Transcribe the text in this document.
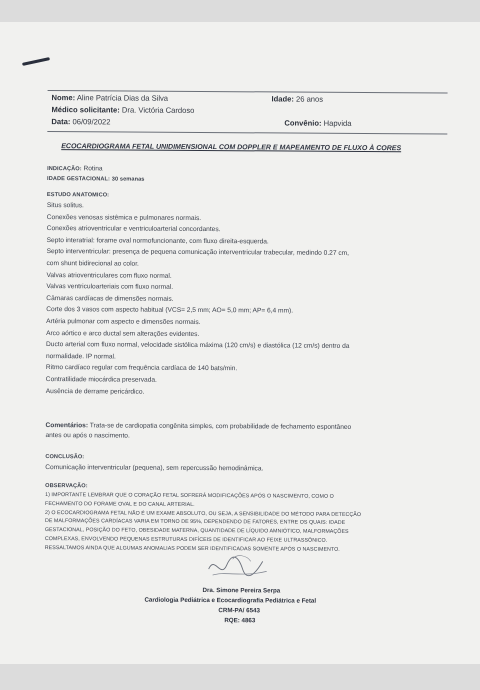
Nome: Aline Patrícia Dias da Silva	Idade: 26 anos
Médico solicitante: Dra. Victória Cardoso
Data: 06/09/2022	Convênio: Hapvida
ECOCARDIOGRAMA FETAL UNIDIMENSIONAL COM DOPPLER E MAPEAMENTO DE FLUXO À CORES
INDICAÇÃO: Rotina
IDADE GESTACIONAL: 30 semanas
ESTUDO ANATOMICO:
Situs solitus.
Conexões venosas sistêmica e pulmonares normais.
Conexões atrioventricular e ventriculoarterial concordantes.
Septo interatrial: forame oval normofuncionante, com fluxo direita-esquerda.
Septo interventricular: presença de pequena comunicação interventricular trabecular, medindo 0.27 cm,
com shunt bidirecional ao color.
Valvas atrioventriculares com fluxo normal.
Valvas ventriculoarteriais com fluxo normal.
Câmaras cardíacas de dimensões normais.
Corte dos 3 vasos com aspecto habitual (VCS= 2,5 mm; AO= 5,0 mm; AP= 6,4 mm).
Artéria pulmonar com aspecto e dimensões normais.
Arco aórtico e arco ductal sem alterações evidentes.
Ducto arterial com fluxo normal, velocidade sistólica máxima (120 cm/s) e diastólica (12 cm/s) dentro da
normalidade. IP normal.
Ritmo cardíaco regular com frequência cardíaca de 140 bats/min.
Contratilidade miocárdica preservada.
Ausência de derrame pericárdico.
Comentários: Trata-se de cardiopatia congênita simples, com probabilidade de fechamento espontâneo
antes ou após o nascimento.
CONCLUSÃO:
Comunicação interventricular (pequena), sem repercussão hemodinâmica.
OBSERVAÇÃO:
1) IMPORTANTE LEMBRAR QUE O CORAÇÃO FETAL SOFRERÁ MODIFICAÇÕES APÓS O NASCIMENTO, COMO O
FECHAMENTO DO FORAME OVAL E DO CANAL ARTERIAL.
2) O ECOCARDIOGRAMA FETAL NÃO É UM EXAME ABSOLUTO, OU SEJA, A SENSIBILIDADE DO MÉTODO PARA DETECÇÃO
DE MALFORMAÇÕES CARDÍACAS VARIA EM TORNO DE 95%, DEPENDENDO DE FATORES, ENTRE OS QUAIS: IDADE
GESTACIONAL, POSIÇÃO DO FETO, OBESIDADE MATERNA, QUANTIDADE DE LÍQUIDO AMNIÓTICO, MALFORMAÇÕES
COMPLEXAS, ENVOLVENDO PEQUENAS ESTRUTURAS DIFÍCEIS DE IDENTIFICAR AO FEIXE ULTRASSÔNICO.
RESSALTAMOS AINDA QUE ALGUMAS ANOMALIAS PODEM SER IDENTIFICADAS SOMENTE APÓS O NASCIMENTO.
Dra. Simone Pereira Serpa
Cardiologia Pediátrica e Ecocardiografia Pediátrica e Fetal
CRM-PA/ 6543
RQE: 4863
